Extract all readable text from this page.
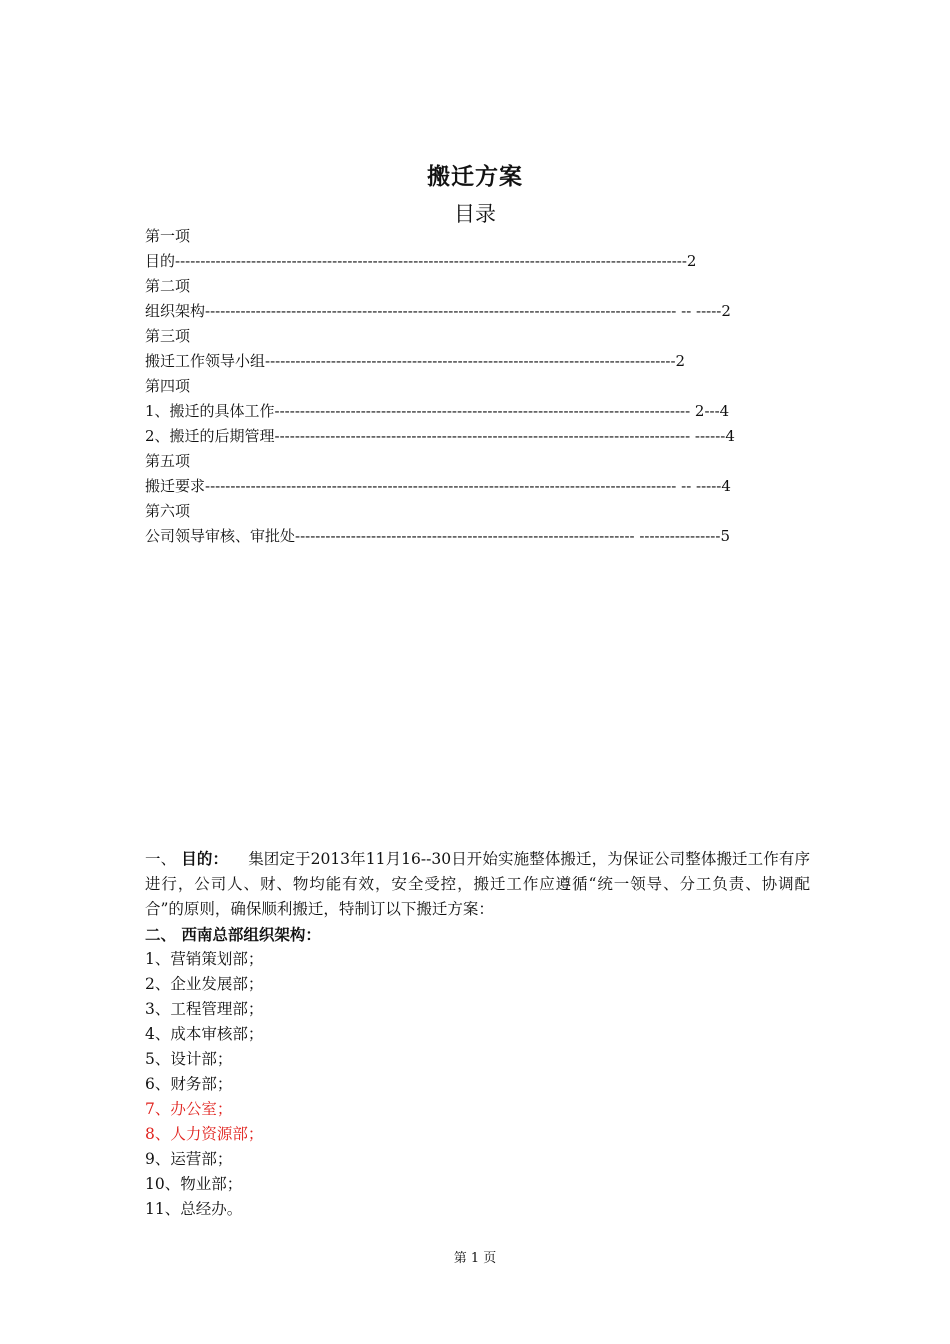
搬迁方案
目录
第一项
目的-----------------------------------------------------------------------------------------------------2
第二项
组织架构--------------------------------------------------------------------------------------------- -- -----2
第三项
搬迁工作领导小组---------------------------------------------------------------------------------2
第四项
1、搬迁的具体工作---------------------------------------------------------------------------------- 2---4
2、搬迁的后期管理---------------------------------------------------------------------------------- ------4
第五项
搬迁要求--------------------------------------------------------------------------------------------- -- -----4
第六项
公司领导审核、审批处------------------------------------------------------------------- ----------------5
一、 目的： 集团定于2013年11月16--30日开始实施整体搬迁，为保证公司整体搬迁工作有序进行，公司人、财、物均能有效，安全受控，搬迁工作应遵循“统一领导、分工负责、协调配合”的原则，确保顺利搬迁，特制订以下搬迁方案：
二、 西南总部组织架构：
1、营销策划部；
2、企业发展部；
3、工程管理部；
4、成本审核部；
5、设计部；
6、财务部；
7、办公室；
8、人力资源部；
9、运营部；
10、物业部；
11、总经办。
第 1 页
